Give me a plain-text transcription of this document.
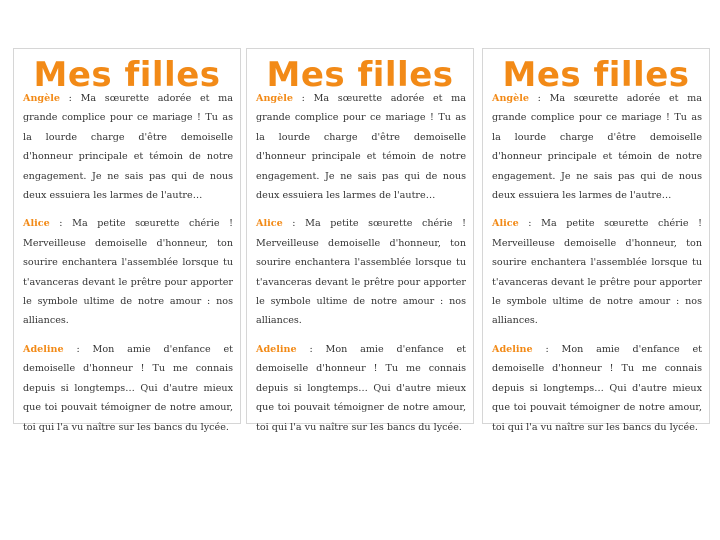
Mes filles

Angèle : Ma sœurette adorée et ma grande complice pour ce mariage ! Tu as la lourde charge d'être demoiselle d'honneur principale et témoin de notre engagement. Je ne sais pas qui de nous deux essuiera les larmes de l'autre…

Alice : Ma petite sœurette chérie ! Merveilleuse demoiselle d'honneur, ton sourire enchantera l'assemblée lorsque tu t'avanceras devant le prêtre pour apporter le symbole ultime de notre amour : nos alliances.

Adeline : Mon amie d'enfance et demoiselle d'honneur ! Tu me connais depuis si longtemps… Qui d'autre mieux que toi pouvait témoigner de notre amour, toi qui l'a vu naître sur les bancs du lycée.

Mes filles

Angèle : Ma sœurette adorée et ma grande complice pour ce mariage ! Tu as la lourde charge d'être demoiselle d'honneur principale et témoin de notre engagement. Je ne sais pas qui de nous deux essuiera les larmes de l'autre…

Alice : Ma petite sœurette chérie ! Merveilleuse demoiselle d'honneur, ton sourire enchantera l'assemblée lorsque tu t'avanceras devant le prêtre pour apporter le symbole ultime de notre amour : nos alliances.

Adeline : Mon amie d'enfance et demoiselle d'honneur ! Tu me connais depuis si longtemps… Qui d'autre mieux que toi pouvait témoigner de notre amour, toi qui l'a vu naître sur les bancs du lycée.

Mes filles

Angèle : Ma sœurette adorée et ma grande complice pour ce mariage ! Tu as la lourde charge d'être demoiselle d'honneur principale et témoin de notre engagement. Je ne sais pas qui de nous deux essuiera les larmes de l'autre…

Alice : Ma petite sœurette chérie ! Merveilleuse demoiselle d'honneur, ton sourire enchantera l'assemblée lorsque tu t'avanceras devant le prêtre pour apporter le symbole ultime de notre amour : nos alliances.

Adeline : Mon amie d'enfance et demoiselle d'honneur ! Tu me connais depuis si longtemps… Qui d'autre mieux que toi pouvait témoigner de notre amour, toi qui l'a vu naître sur les bancs du lycée.
